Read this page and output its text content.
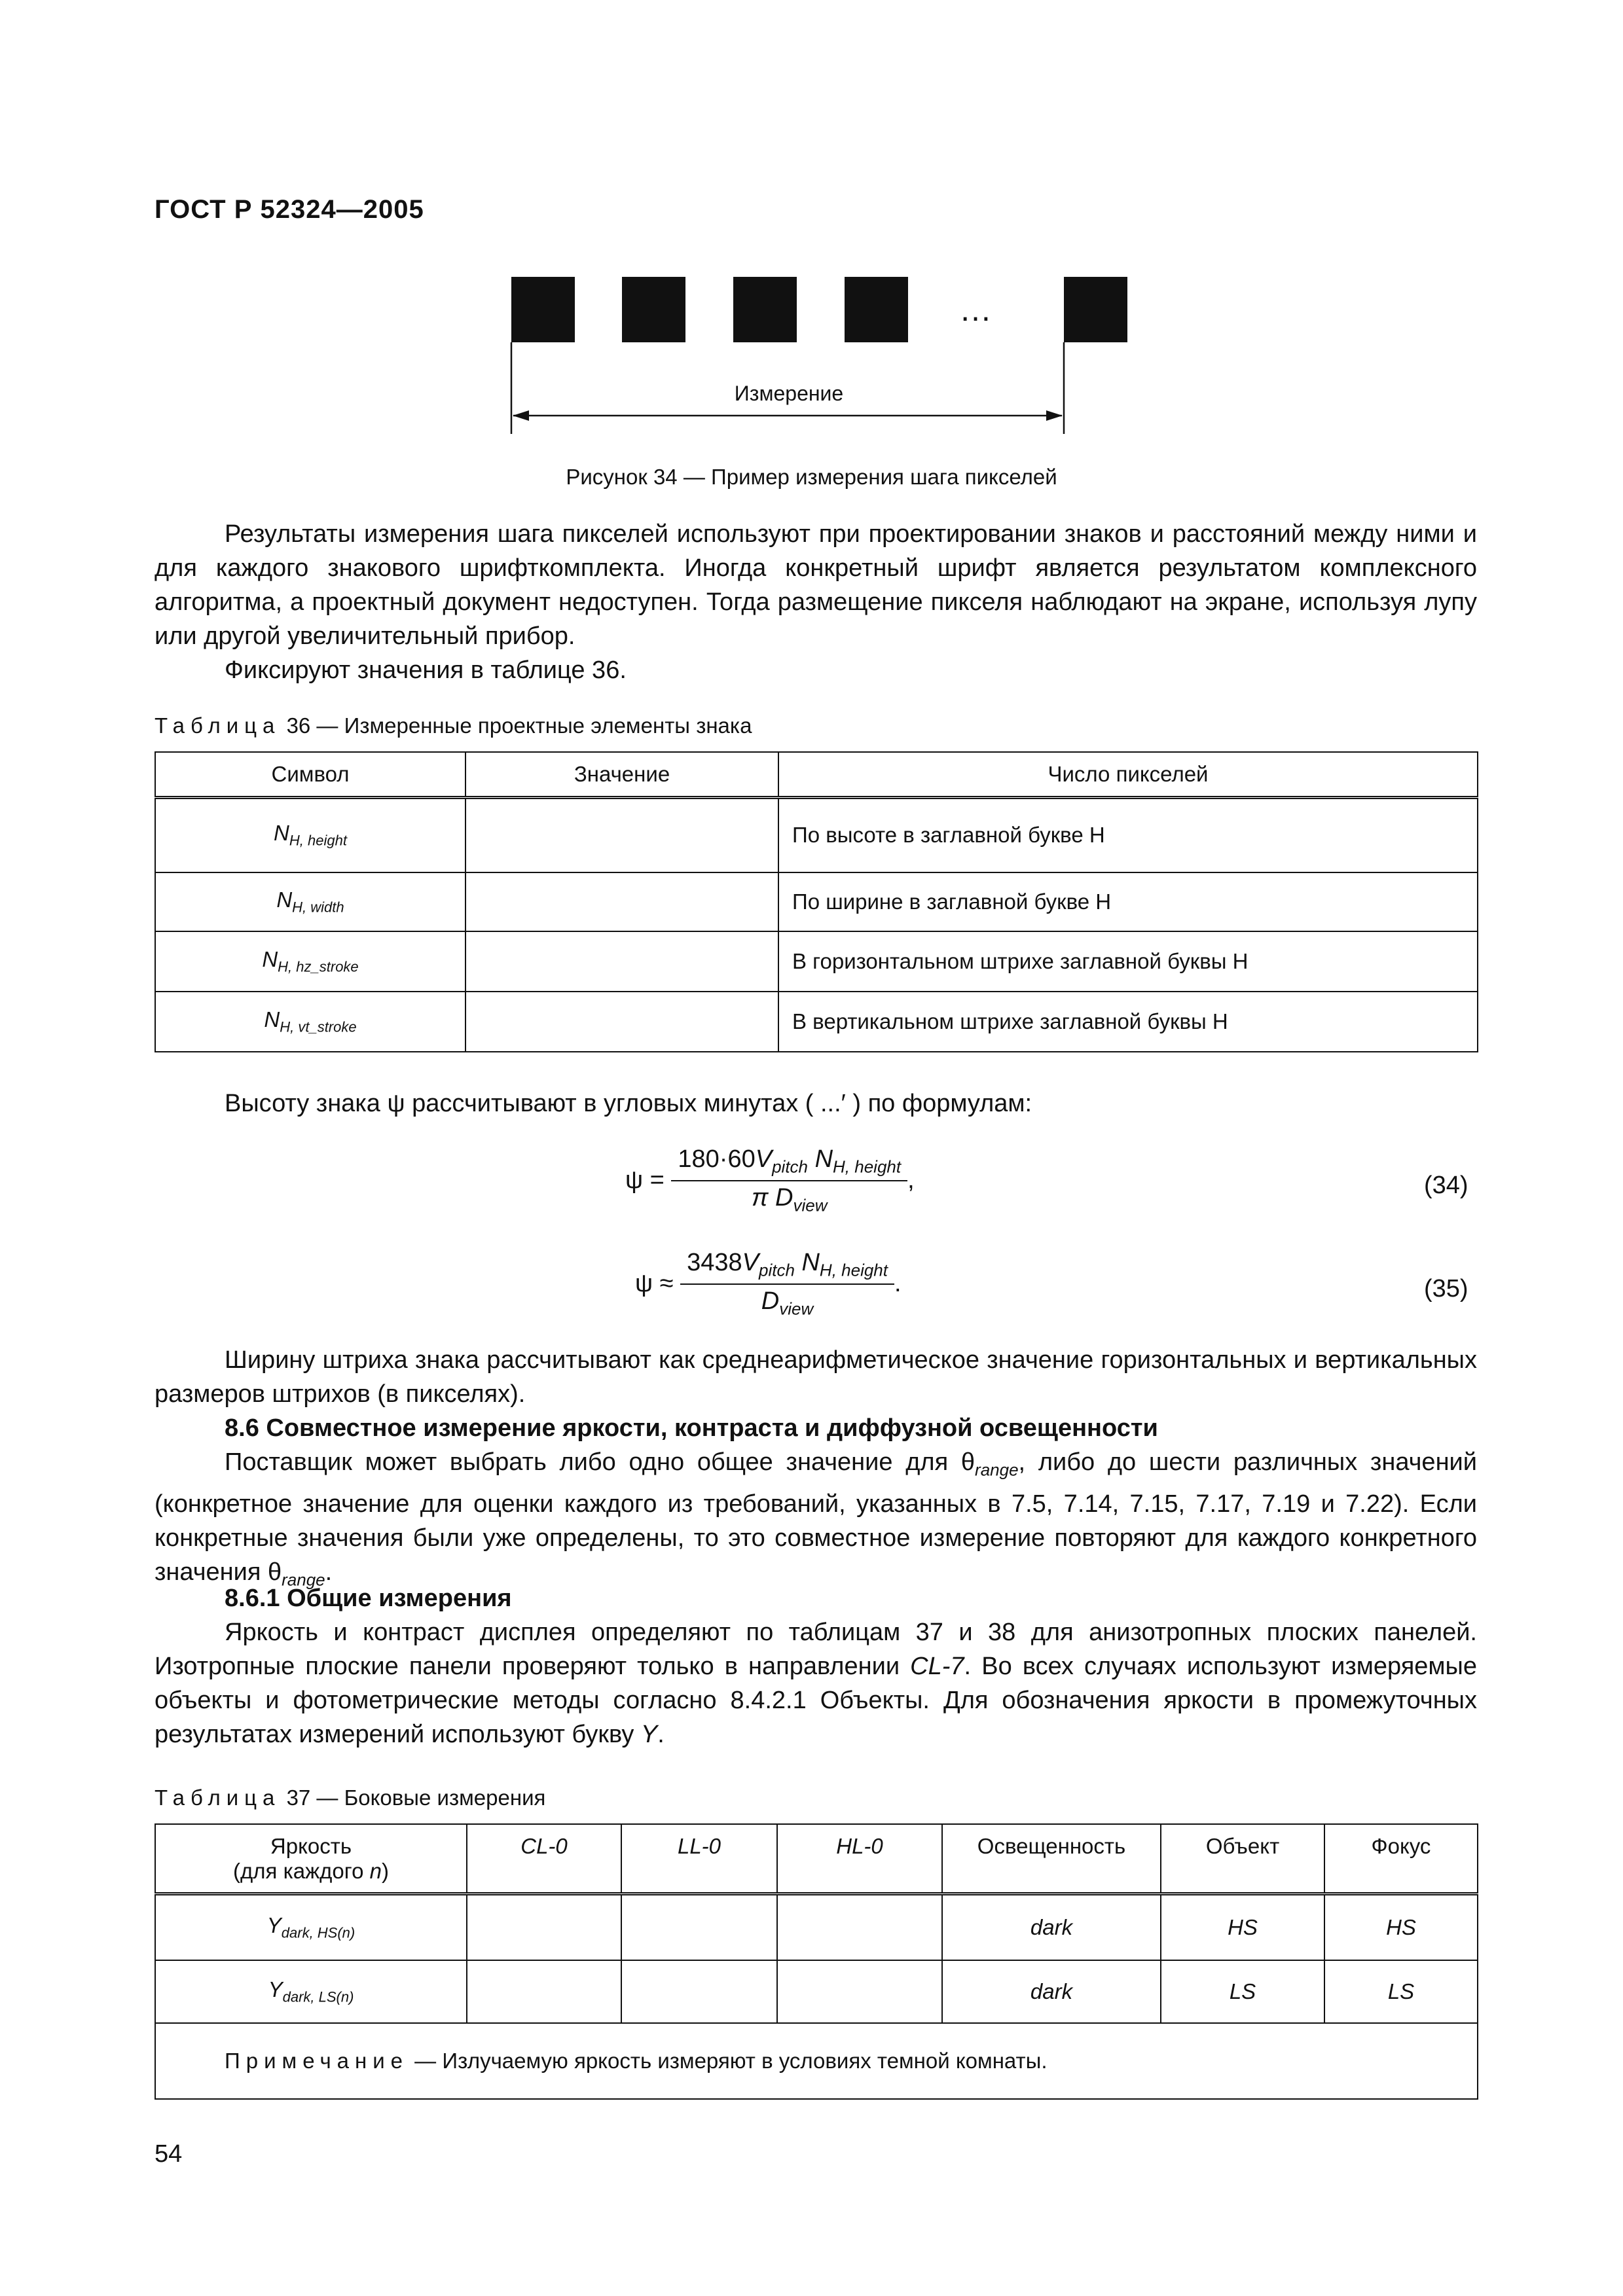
ГОСТ Р 52324—2005
…
Измерение
Рисунок 34 — Пример измерения шага пикселей
Результаты измерения шага пикселей используют при проектировании знаков и расстояний между ними и для каждого знакового шрифткомплекта. Иногда конкретный шрифт является результатом комплексного алгоритма, а проектный документ недоступен. Тогда размещение пикселя наблюдают на экране, используя лупу или другой увеличительный прибор.
Фиксируют значения в таблице 36.
Таблица 36 — Измеренные проектные элементы знака
Символ	Значение	Число пикселей
$N_{H, height}$		По высоте в заглавной букве H
$N_{H, width}$		По ширине в заглавной букве H
$N_{H, hz\_stroke}$		В горизонтальном штрихе заглавной буквы H
$N_{H, vt\_stroke}$		В вертикальном штрихе заглавной буквы H
Высоту знака ψ рассчитывают в угловых минутах ( ...′ ) по формулам:
$\psi = \frac{180\cdot 60V_{pitch} N_{H, height}}{\pi D_{view}}$ ,	(34)
$\psi \approx \frac{3438V_{pitch} N_{H, height}}{D_{view}}$ .	(35)
Ширину штриха знака рассчитывают как среднеарифметическое значение горизонтальных и вертикальных размеров штрихов (в пикселях).
8.6 Совместное измерение яркости, контраста и диффузной освещенности
Поставщик может выбрать либо одно общее значение для $\theta_{range}$, либо до шести различных значений (конкретное значение для оценки каждого из требований, указанных в 7.5, 7.14, 7.15, 7.17, 7.19 и 7.22). Если конкретные значения были уже определены, то это совместное измерение повторяют для каждого конкретного значения $\theta_{range}$.
8.6.1 Общие измерения
Яркость и контраст дисплея определяют по таблицам 37 и 38 для анизотропных плоских панелей. Изотропные плоские панели проверяют только в направлении CL-7. Во всех случаях используют измеряемые объекты и фотометрические методы согласно 8.4.2.1 Объекты. Для обозначения яркости в промежуточных результатах измерений используют букву Y.
Таблица 37 — Боковые измерения
Яркость
(для каждого n)	CL-0	LL-0	HL-0	Освещенность	Объект	Фокус
$Y_{dark, HS(n)}$				dark	HS	HS
$Y_{dark, LS(n)}$				dark	LS	LS
Примечание — Излучаемую яркость измеряют в условиях темной комнаты.						
54
